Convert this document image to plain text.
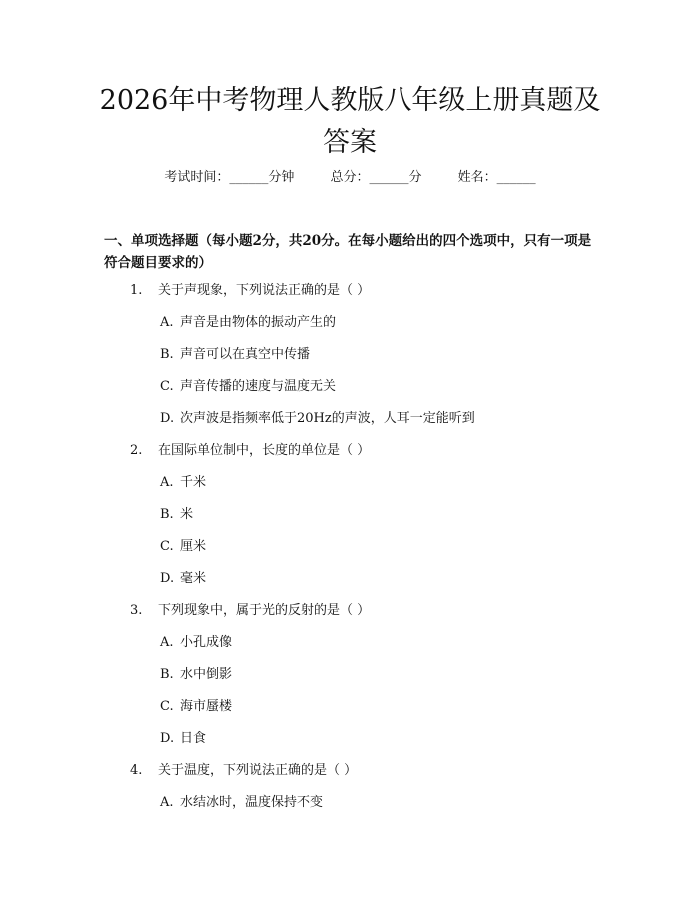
2026年中考物理人教版八年级上册真题及答案
考试时间：______分钟	总分：______分	姓名：______
一、单项选择题（每小题2分，共20分。在每小题给出的四个选项中，只有一项是符合题目要求的）
1. 关于声现象，下列说法正确的是（ ）
A. 声音是由物体的振动产生的
B. 声音可以在真空中传播
C. 声音传播的速度与温度无关
D. 次声波是指频率低于20Hz的声波，人耳一定能听到
2. 在国际单位制中，长度的单位是（ ）
A. 千米
B. 米
C. 厘米
D. 毫米
3. 下列现象中，属于光的反射的是（ ）
A. 小孔成像
B. 水中倒影
C. 海市蜃楼
D. 日食
4. 关于温度，下列说法正确的是（ ）
A. 水结冰时，温度保持不变
